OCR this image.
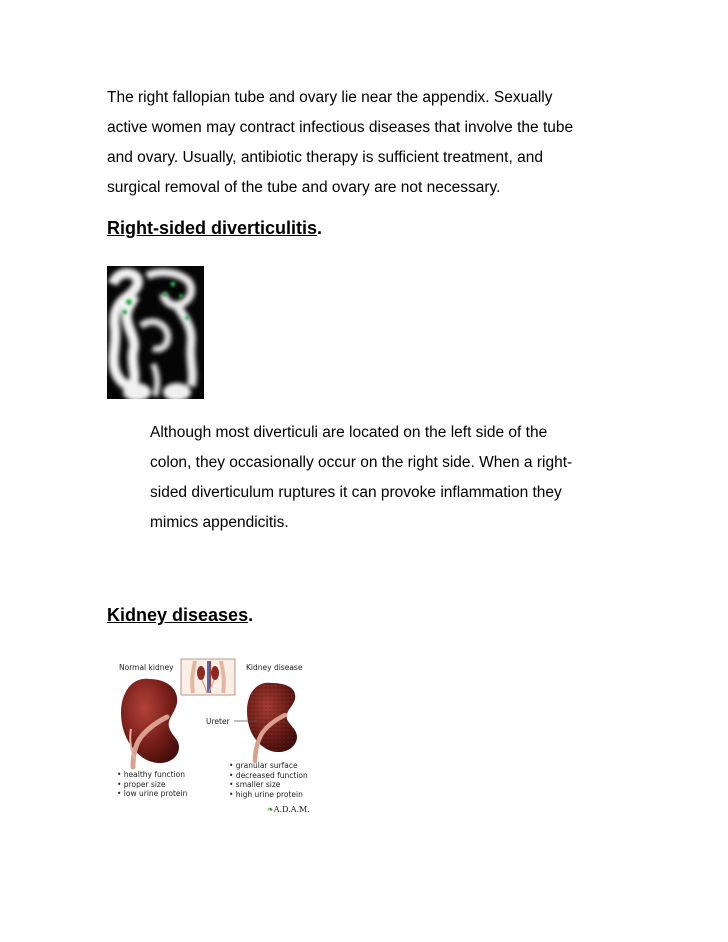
The right fallopian tube and ovary lie near the appendix. Sexually
active women may contract infectious diseases that involve the tube
and ovary. Usually, antibiotic therapy is sufficient treatment, and
surgical removal of the tube and ovary are not necessary.

Right-sided diverticulitis.

Although most diverticuli are located on the left side of the
colon, they occasionally occur on the right side. When a right-
sided diverticulum ruptures it can provoke inflammation they
mimics appendicitis.

Kidney diseases.
Normal kidney	Kidney disease
Ureter
• healthy function
• proper size
• low urine protein
• granular surface
• decreased function
• smaller size
• high urine protein
❧A.D.A.M.
